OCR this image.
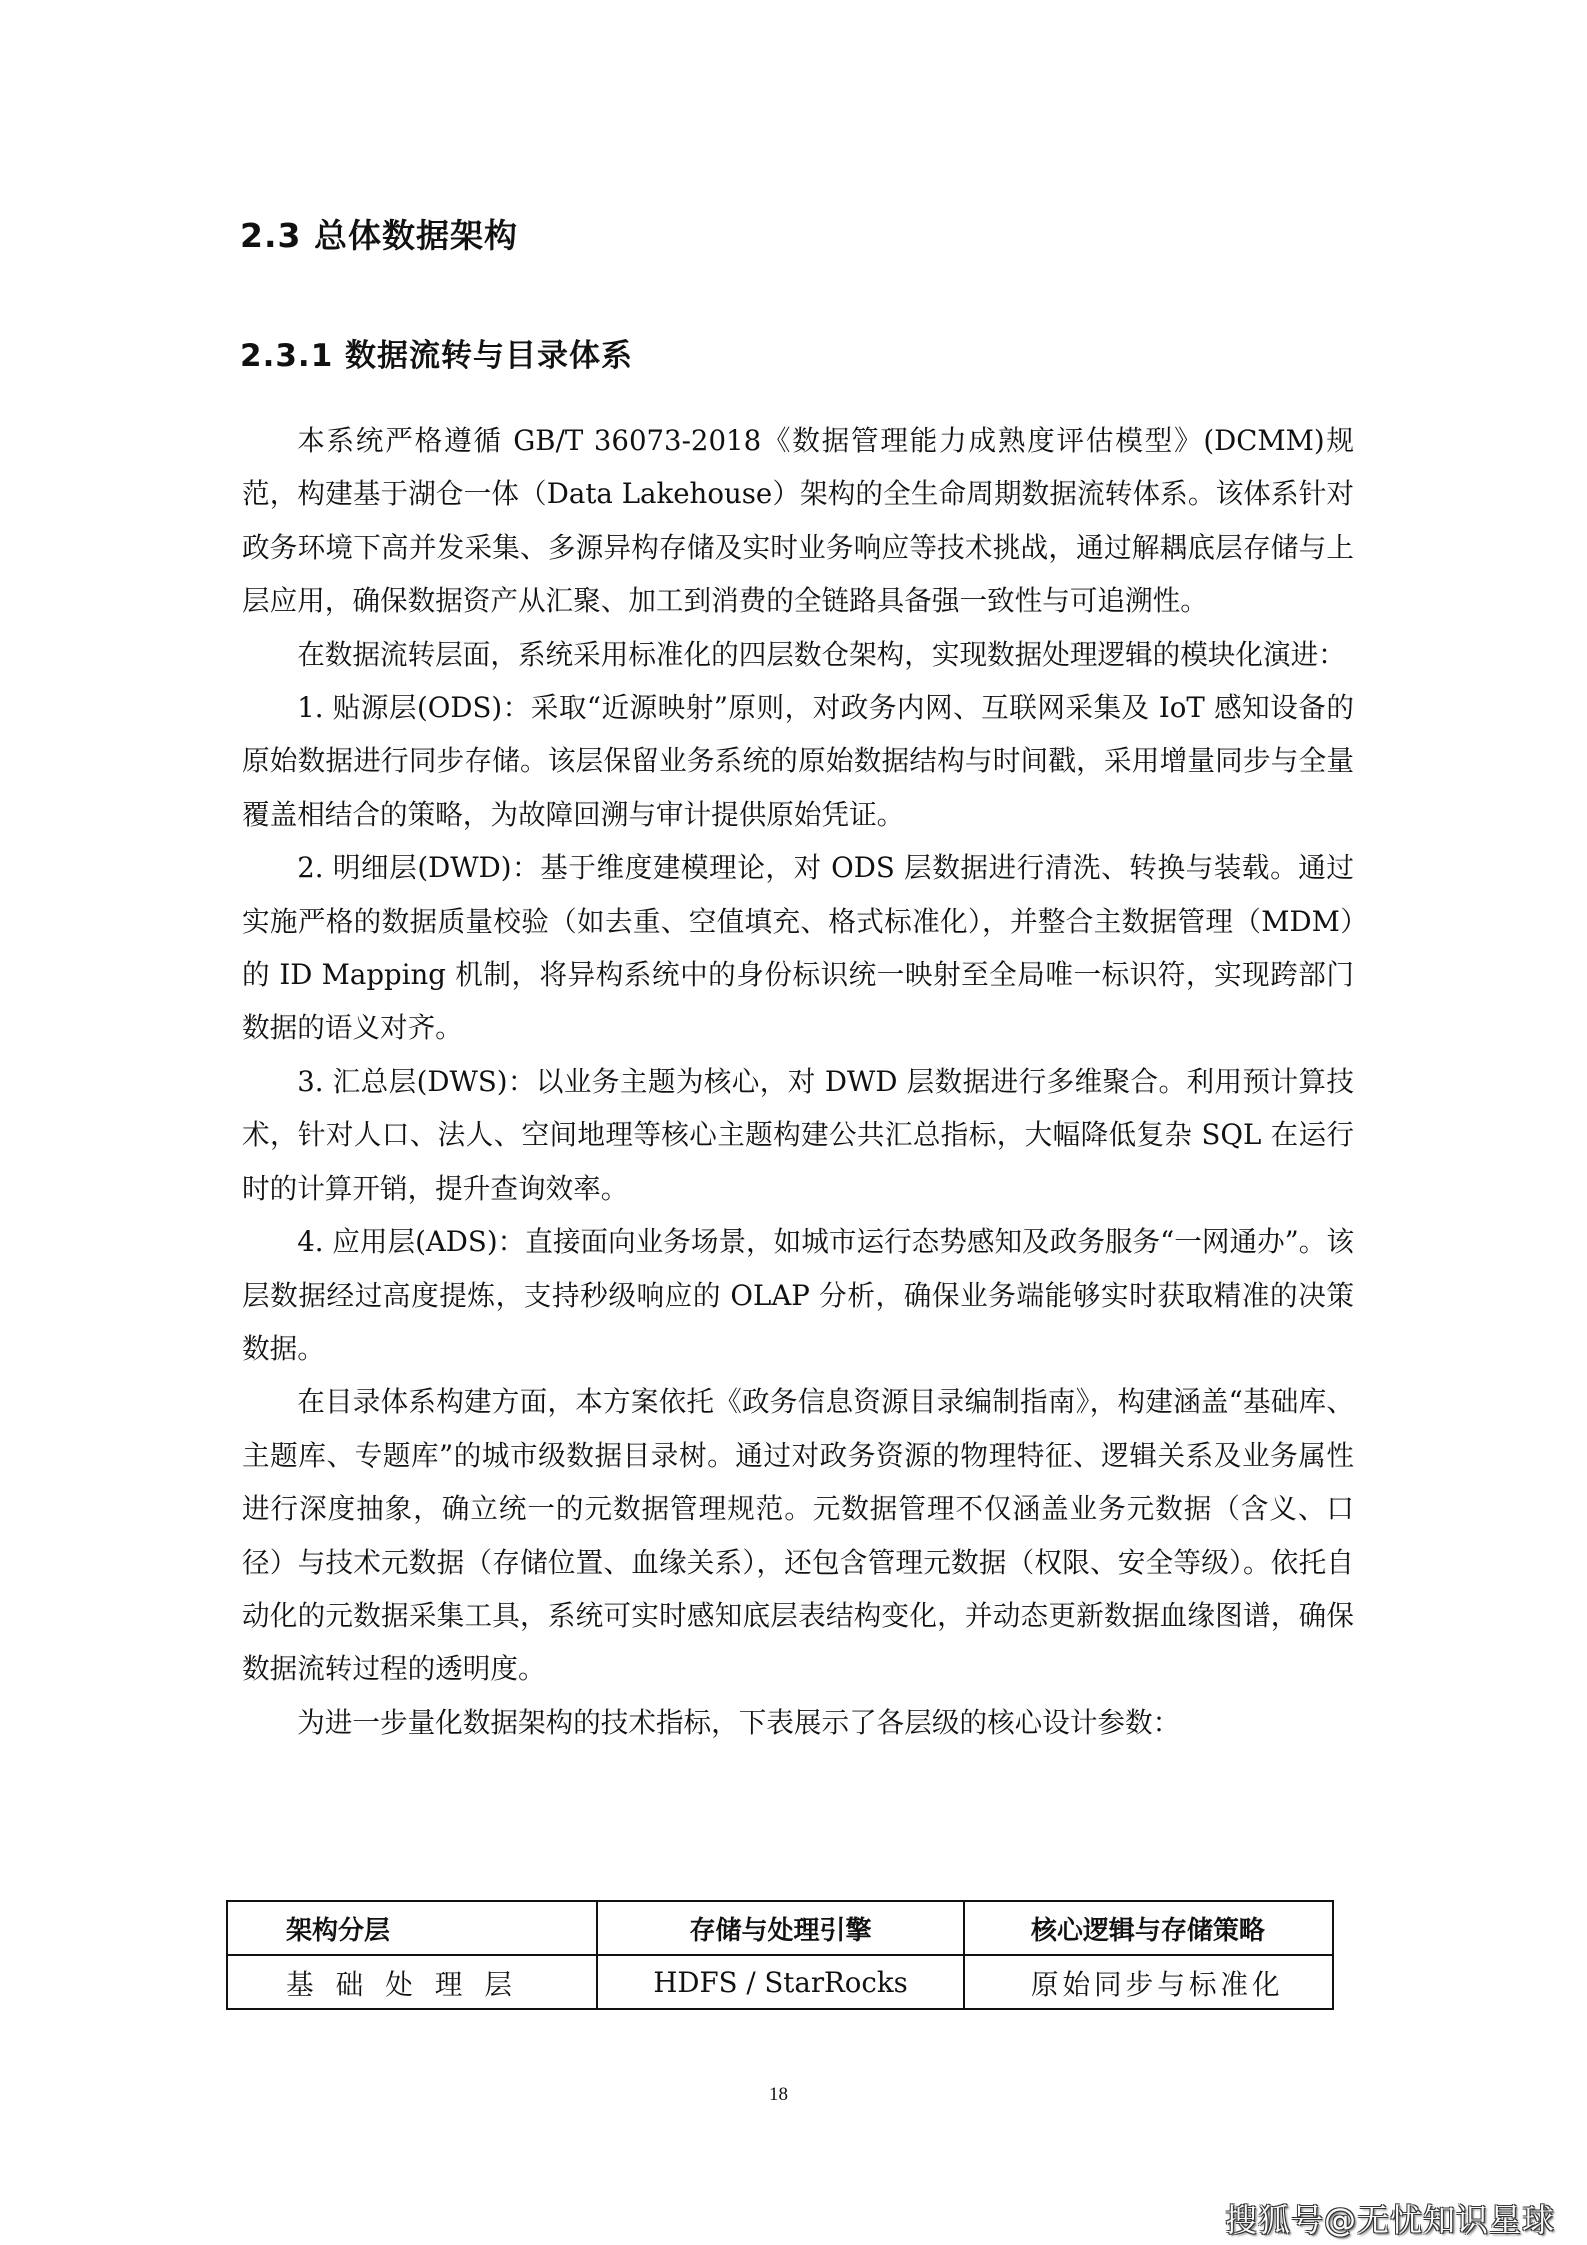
2.3 总体数据架构
2.3.1 数据流转与目录体系

本系统严格遵循 GB/T 36073-2018《数据管理能力成熟度评估模型》(DCMM)规范，构建基于湖仓一体（Data Lakehouse）架构的全生命周期数据流转体系。该体系针对政务环境下高并发采集、多源异构存储及实时业务响应等技术挑战，通过解耦底层存储与上层应用，确保数据资产从汇聚、加工到消费的全链路具备强一致性与可追溯性。

在数据流转层面，系统采用标准化的四层数仓架构，实现数据处理逻辑的模块化演进：

1. 贴源层(ODS)：采取“近源映射”原则，对政务内网、互联网采集及 IoT 感知设备的原始数据进行同步存储。该层保留业务系统的原始数据结构与时间戳，采用增量同步与全量覆盖相结合的策略，为故障回溯与审计提供原始凭证。

2. 明细层(DWD)：基于维度建模理论，对 ODS 层数据进行清洗、转换与装载。通过实施严格的数据质量校验（如去重、空值填充、格式标准化），并整合主数据管理（MDM）的 ID Mapping 机制，将异构系统中的身份标识统一映射至全局唯一标识符，实现跨部门数据的语义对齐。

3. 汇总层(DWS)：以业务主题为核心，对 DWD 层数据进行多维聚合。利用预计算技术，针对人口、法人、空间地理等核心主题构建公共汇总指标，大幅降低复杂 SQL 在运行时的计算开销，提升查询效率。

4. 应用层(ADS)：直接面向业务场景，如城市运行态势感知及政务服务“一网通办”。该层数据经过高度提炼，支持秒级响应的 OLAP 分析，确保业务端能够实时获取精准的决策数据。

在目录体系构建方面，本方案依托《政务信息资源目录编制指南》，构建涵盖“基础库、主题库、专题库”的城市级数据目录树。通过对政务资源的物理特征、逻辑关系及业务属性进行深度抽象，确立统一的元数据管理规范。元数据管理不仅涵盖业务元数据（含义、口径）与技术元数据（存储位置、血缘关系），还包含管理元数据（权限、安全等级）。依托自动化的元数据采集工具，系统可实时感知底层表结构变化，并动态更新数据血缘图谱，确保数据流转过程的透明度。

为进一步量化数据架构的技术指标，下表展示了各层级的核心设计参数：

架构分层	存储与处理引擎	核心逻辑与存储策略

基础处理层	HDFS / StarRocks	原始同步与标准化
18
搜狐号@无忧知识星球
